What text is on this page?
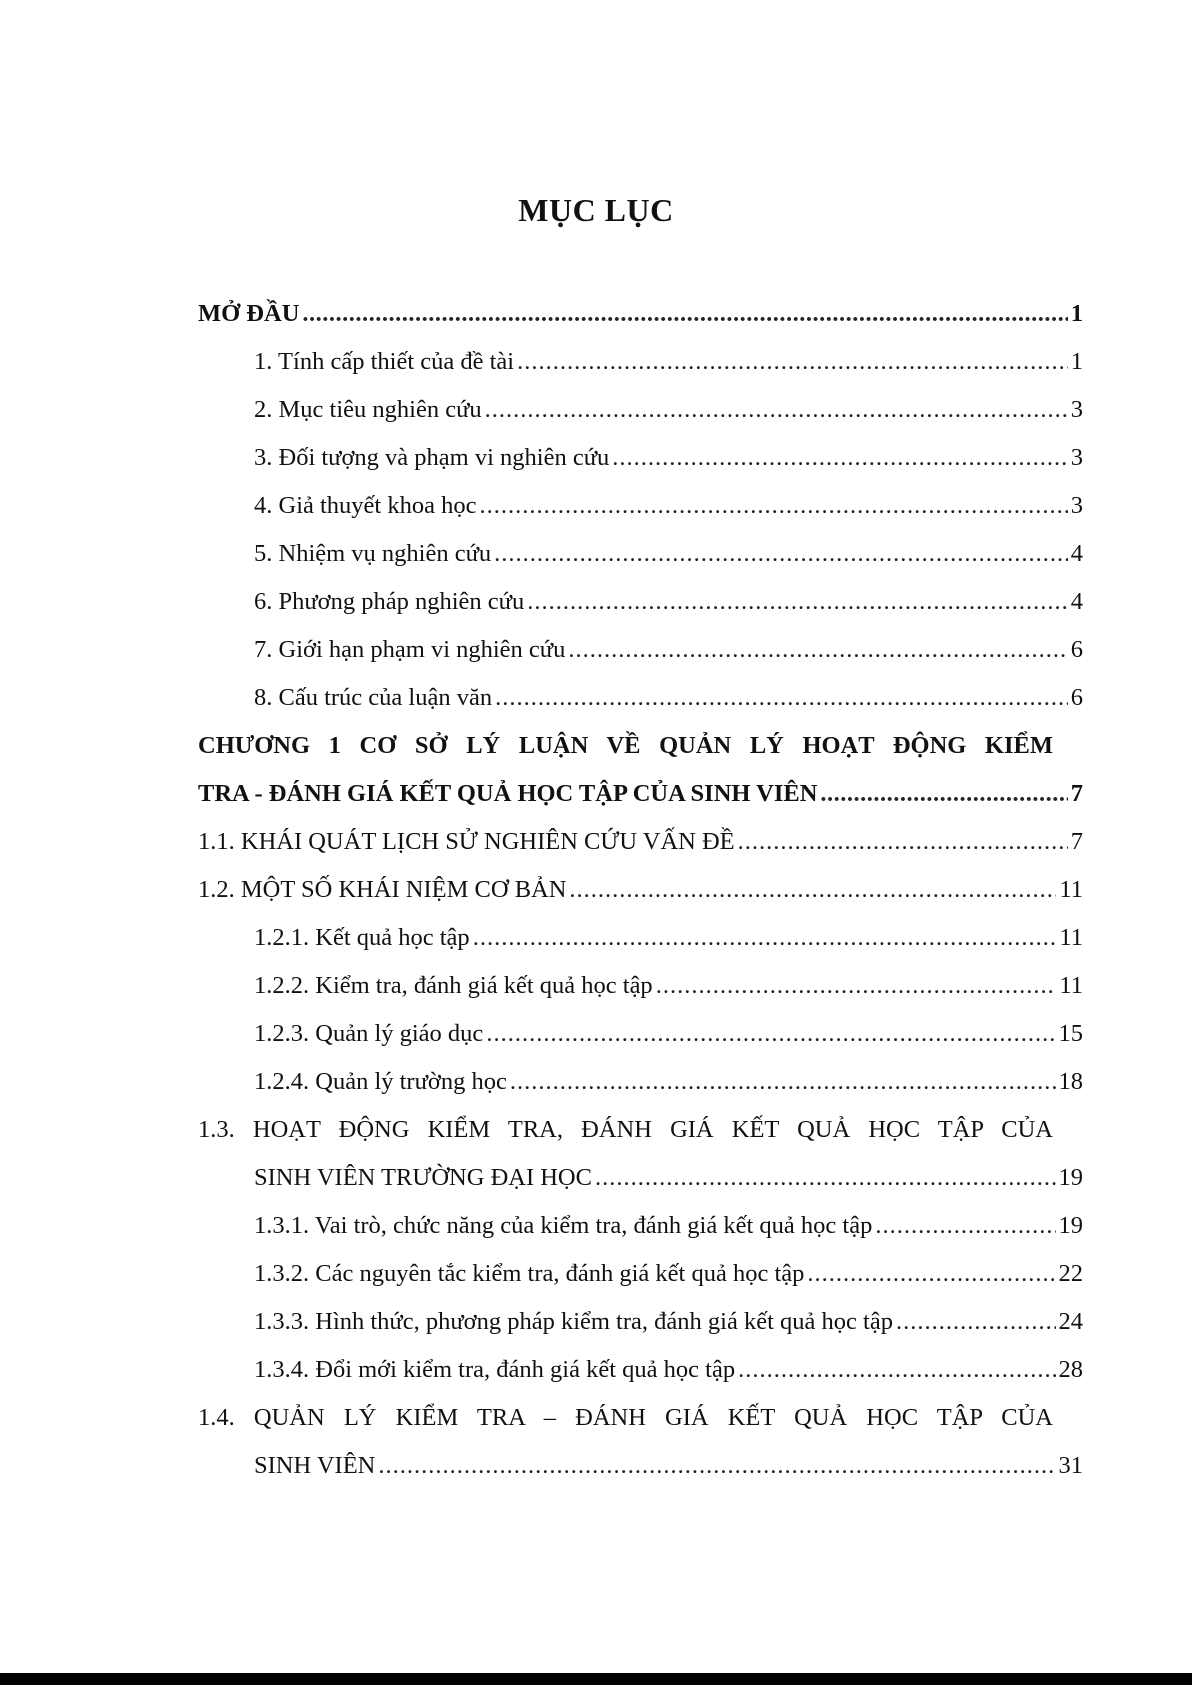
MỤC LỤC
MỞ ĐẦU .....	1
1. Tính cấp thiết của đề tài .....	1
2. Mục tiêu nghiên cứu .....	3
3. Đối tượng và phạm vi nghiên cứu .....	3
4. Giả thuyết khoa học .....	3
5. Nhiệm vụ nghiên cứu .....	4
6. Phương pháp nghiên cứu .....	4
7. Giới hạn phạm vi nghiên cứu .....	6
8. Cấu trúc của luận văn .....	6
CHƯƠNG 1 CƠ SỞ LÝ LUẬN VỀ QUẢN LÝ HOẠT ĐỘNG KIỂM
TRA - ĐÁNH GIÁ KẾT QUẢ HỌC TẬP CỦA SINH VIÊN .....	7
1.1. KHÁI QUÁT LỊCH SỬ NGHIÊN CỨU VẤN ĐỀ .....	7
1.2. MỘT SỐ KHÁI NIỆM CƠ BẢN .....	11
1.2.1. Kết quả học tập .....	11
1.2.2. Kiểm tra, đánh giá kết quả học tập .....	11
1.2.3. Quản lý giáo dục .....	15
1.2.4. Quản lý trường học .....	18
1.3. HOẠT ĐỘNG KIỂM TRA, ĐÁNH GIÁ KẾT QUẢ HỌC TẬP CỦA
SINH VIÊN TRƯỜNG ĐẠI HỌC .....	19
1.3.1. Vai trò, chức năng của kiểm tra, đánh giá kết quả học tập .....	19
1.3.2. Các nguyên tắc kiểm tra, đánh giá kết quả học tập .....	22
1.3.3. Hình thức, phương pháp kiểm tra, đánh giá kết quả học tập .....	24
1.3.4. Đổi mới kiểm tra, đánh giá kết quả học tập .....	28
1.4. QUẢN LÝ KIỂM TRA – ĐÁNH GIÁ KẾT QUẢ HỌC TẬP CỦA
SINH VIÊN .....	31
